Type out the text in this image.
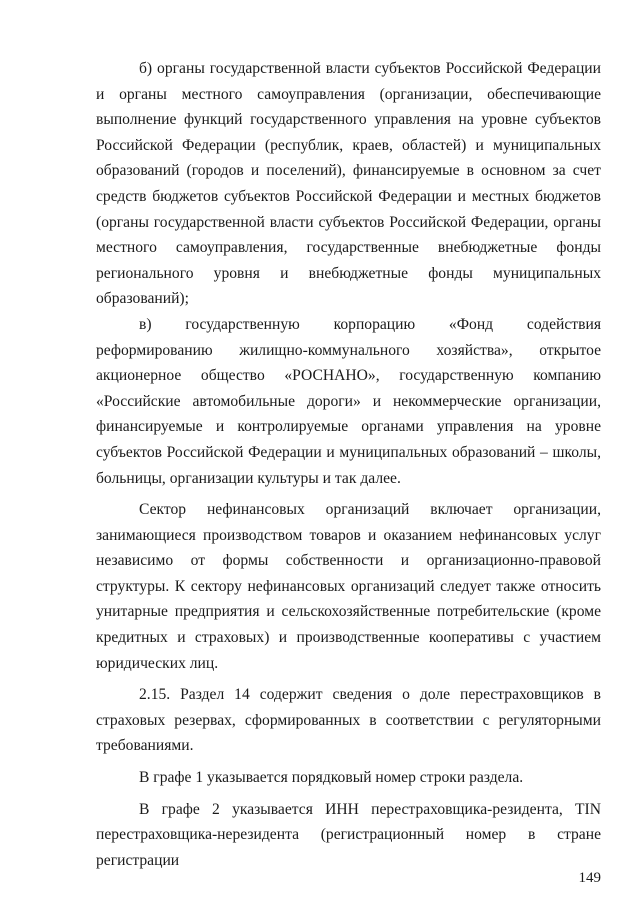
б) органы государственной власти субъектов Российской Федерации и органы местного самоуправления (организации, обеспечивающие выполнение функций государственного управления на уровне субъектов Российской Федерации (республик, краев, областей) и муниципальных образований (городов и поселений), финансируемые в основном за счет средств бюджетов субъектов Российской Федерации и местных бюджетов (органы государственной власти субъектов Российской Федерации, органы местного самоуправления, государственные внебюджетные фонды регионального уровня и внебюджетные фонды муниципальных образований);

в) государственную корпорацию «Фонд содействия реформированию жилищно-коммунального хозяйства», открытое акционерное общество «РОСНАНО», государственную компанию «Российские автомобильные дороги» и некоммерческие организации, финансируемые и контролируемые органами управления на уровне субъектов Российской Федерации и муниципальных образований – школы, больницы, организации культуры и так далее.

Сектор нефинансовых организаций включает организации, занимающиеся производством товаров и оказанием нефинансовых услуг независимо от формы собственности и организационно-правовой структуры. К сектору нефинансовых организаций следует также относить унитарные предприятия и сельскохозяйственные потребительские (кроме кредитных и страховых) и производственные кооперативы с участием юридических лиц.

2.15. Раздел 14 содержит сведения о доле перестраховщиков в страховых резервах, сформированных в соответствии с регуляторными требованиями.

В графе 1 указывается порядковый номер строки раздела.

В графе 2 указывается ИНН перестраховщика-резидента, TIN перестраховщика-нерезидента (регистрационный номер в стране регистрации

149
